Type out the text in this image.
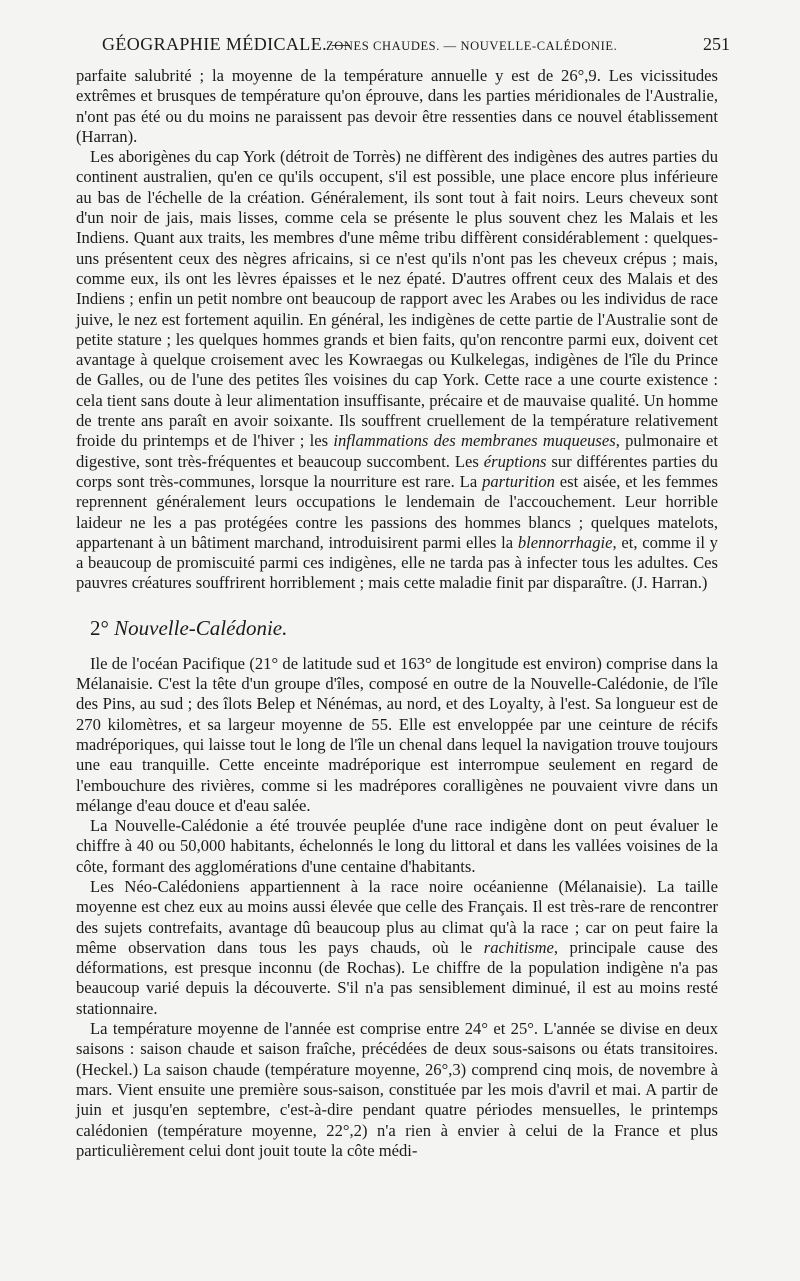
GÉOGRAPHIE MÉDICALE. —
ZONES CHAUDES. — NOUVELLE-CALÉDONIE.	251

parfaite salubrité ; la moyenne de la température annuelle y est de 26°,9. Les vicissitudes extrêmes et brusques de température qu'on éprouve, dans les parties méridionales de l'Australie, n'ont pas été ou du moins ne paraissent pas devoir être ressenties dans ce nouvel établissement (Harran).

Les aborigènes du cap York (détroit de Torrès) ne diffèrent des indigènes des autres parties du continent australien, qu'en ce qu'ils occupent, s'il est possible, une place encore plus inférieure au bas de l'échelle de la création. Généralement, ils sont tout à fait noirs. Leurs cheveux sont d'un noir de jais, mais lisses, comme cela se présente le plus souvent chez les Malais et les Indiens. Quant aux traits, les membres d'une même tribu diffèrent considérablement : quelques-uns présentent ceux des nègres africains, si ce n'est qu'ils n'ont pas les cheveux crépus ; mais, comme eux, ils ont les lèvres épaisses et le nez épaté. D'autres offrent ceux des Malais et des Indiens ; enfin un petit nombre ont beaucoup de rapport avec les Arabes ou les individus de race juive, le nez est fortement aquilin. En général, les indigènes de cette partie de l'Australie sont de petite stature ; les quelques hommes grands et bien faits, qu'on rencontre parmi eux, doivent cet avantage à quelque croisement avec les Kowraegas ou Kulkelegas, indigènes de l'île du Prince de Galles, ou de l'une des petites îles voisines du cap York. Cette race a une courte existence : cela tient sans doute à leur alimentation insuffisante, précaire et de mauvaise qualité. Un homme de trente ans paraît en avoir soixante. Ils souffrent cruellement de la température relativement froide du printemps et de l'hiver ; les inflammations des membranes muqueuses, pulmonaire et digestive, sont très-fréquentes et beaucoup succombent. Les éruptions sur différentes parties du corps sont très-communes, lorsque la nourriture est rare. La parturition est aisée, et les femmes reprennent généralement leurs occupations le lendemain de l'accouchement. Leur horrible laideur ne les a pas protégées contre les passions des hommes blancs ; quelques matelots, appartenant à un bâtiment marchand, introduisirent parmi elles la blennorrhagie, et, comme il y a beaucoup de promiscuité parmi ces indigènes, elle ne tarda pas à infecter tous les adultes. Ces pauvres créatures souffrirent horriblement ; mais cette maladie finit par disparaître. (J. Harran.)

2° Nouvelle-Calédonie.

Ile de l'océan Pacifique (21° de latitude sud et 163° de longitude est environ) comprise dans la Mélanaisie. C'est la tête d'un groupe d'îles, composé en outre de la Nouvelle-Calédonie, de l'île des Pins, au sud ; des îlots Belep et Nénémas, au nord, et des Loyalty, à l'est. Sa longueur est de 270 kilomètres, et sa largeur moyenne de 55. Elle est enveloppée par une ceinture de récifs madréporiques, qui laisse tout le long de l'île un chenal dans lequel la navigation trouve toujours une eau tranquille. Cette enceinte madréporique est interrompue seulement en regard de l'embouchure des rivières, comme si les madrépores coralligènes ne pouvaient vivre dans un mélange d'eau douce et d'eau salée.

La Nouvelle-Calédonie a été trouvée peuplée d'une race indigène dont on peut évaluer le chiffre à 40 ou 50,000 habitants, échelonnés le long du littoral et dans les vallées voisines de la côte, formant des agglomérations d'une centaine d'habitants.

Les Néo-Calédoniens appartiennent à la race noire océanienne (Mélanaisie). La taille moyenne est chez eux au moins aussi élevée que celle des Français. Il est très-rare de rencontrer des sujets contrefaits, avantage dû beaucoup plus au climat qu'à la race ; car on peut faire la même observation dans tous les pays chauds, où le rachitisme, principale cause des déformations, est presque inconnu (de Rochas). Le chiffre de la population indigène n'a pas beaucoup varié depuis la découverte. S'il n'a pas sensiblement diminué, il est au moins resté stationnaire.

La température moyenne de l'année est comprise entre 24° et 25°. L'année se divise en deux saisons : saison chaude et saison fraîche, précédées de deux sous-saisons ou états transitoires. (Heckel.) La saison chaude (température moyenne, 26°,3) comprend cinq mois, de novembre à mars. Vient ensuite une première sous-saison, constituée par les mois d'avril et mai. A partir de juin et jusqu'en septembre, c'est-à-dire pendant quatre périodes mensuelles, le printemps calédonien (température moyenne, 22°,2) n'a rien à envier à celui de la France et plus particulièrement celui dont jouit toute la côte médi-
